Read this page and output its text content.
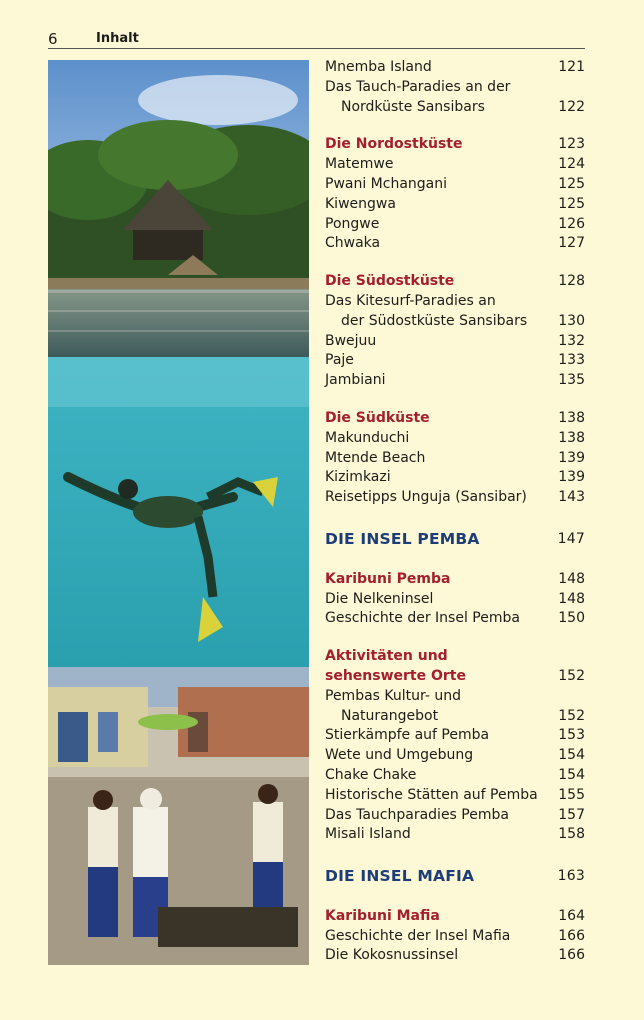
6	Inhalt
Mnemba Island	121
Das Tauch-Paradies an der
Nordküste Sansibars	122
Die Nordostküste	123
Matemwe	124
Pwani Mchangani	125
Kiwengwa	125
Pongwe	126
Chwaka	127
Die Südostküste	128
Das Kitesurf-Paradies an
der Südostküste Sansibars	130
Bwejuu	132
Paje	133
Jambiani	135
Die Südküste	138
Makunduchi	138
Mtende Beach	139
Kizimkazi	139
Reisetipps Unguja (Sansibar)	143
DIE INSEL PEMBA	147
Karibuni Pemba	148
Die Nelkeninsel	148
Geschichte der Insel Pemba	150
Aktivitäten und
sehenswerte Orte	152
Pembas Kultur- und
Naturangebot	152
Stierkämpfe auf Pemba	153
Wete und Umgebung	154
Chake Chake	154
Historische Stätten auf Pemba	155
Das Tauchparadies Pemba	157
Misali Island	158
DIE INSEL MAFIA	163
Karibuni Mafia	164
Geschichte der Insel Mafia	166
Die Kokosnussinsel	166
